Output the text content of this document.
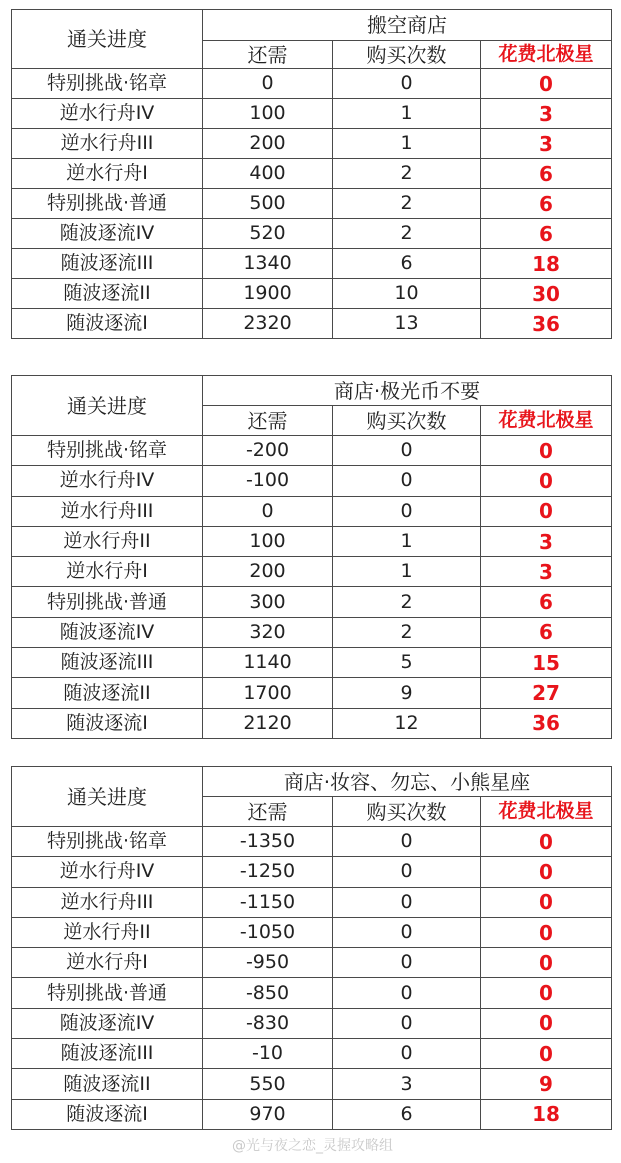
通关进度	搬空商店		
	还需	购买次数	花费北极星
特别挑战·铭章	0	0	0
逆水行舟IV	100	1	3
逆水行舟III	200	1	3
逆水行舟I	400	2	6
特别挑战·普通	500	2	6
随波逐流IV	520	2	6
随波逐流III	1340	6	18
随波逐流II	1900	10	30
随波逐流I	2320	13	36
通关进度	商店·极光币不要		
	还需	购买次数	花费北极星
特别挑战·铭章	-200	0	0
逆水行舟IV	-100	0	0
逆水行舟III	0	0	0
逆水行舟II	100	1	3
逆水行舟I	200	1	3
特别挑战·普通	300	2	6
随波逐流IV	320	2	6
随波逐流III	1140	5	15
随波逐流II	1700	9	27
随波逐流I	2120	12	36
通关进度	商店·妆容、勿忘、小熊星座		
	还需	购买次数	花费北极星
特别挑战·铭章	-1350	0	0
逆水行舟IV	-1250	0	0
逆水行舟III	-1150	0	0
逆水行舟II	-1050	0	0
逆水行舟I	-950	0	0
特别挑战·普通	-850	0	0
随波逐流IV	-830	0	0
随波逐流III	-10	0	0
随波逐流II	550	3	9
随波逐流I	970	6	18
@光与夜之恋_灵握攻略组
